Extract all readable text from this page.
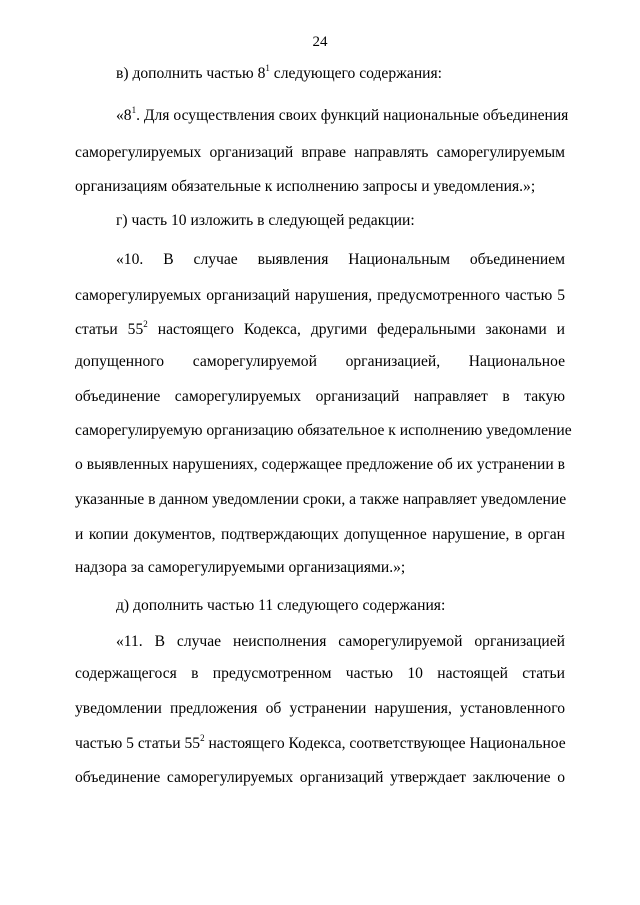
24
в) дополнить частью $8^1$ следующего содержания:
«$8^1$. Для осуществления своих функций национальные объединения
саморегулируемых организаций вправе направлять саморегулируемым
организациям обязательные к исполнению запросы и уведомления.»;
г) часть 10 изложить в следующей редакции:
«10. В случае выявления Национальным объединением
саморегулируемых организаций нарушения, предусмотренного частью 5
статьи $55^2$ настоящего Кодекса, другими федеральными законами и
допущенного саморегулируемой организацией, Национальное
объединение саморегулируемых организаций направляет в такую
саморегулируемую организацию обязательное к исполнению уведомление
о выявленных нарушениях, содержащее предложение об их устранении в
указанные в данном уведомлении сроки, а также направляет уведомление
и копии документов, подтверждающих допущенное нарушение, в орган
надзора за саморегулируемыми организациями.»;
д) дополнить частью 11 следующего содержания:
«11. В случае неисполнения саморегулируемой организацией
содержащегося в предусмотренном частью 10 настоящей статьи
уведомлении предложения об устранении нарушения, установленного
частью 5 статьи $55^2$ настоящего Кодекса, соответствующее Национальное
объединение саморегулируемых организаций утверждает заключение о
